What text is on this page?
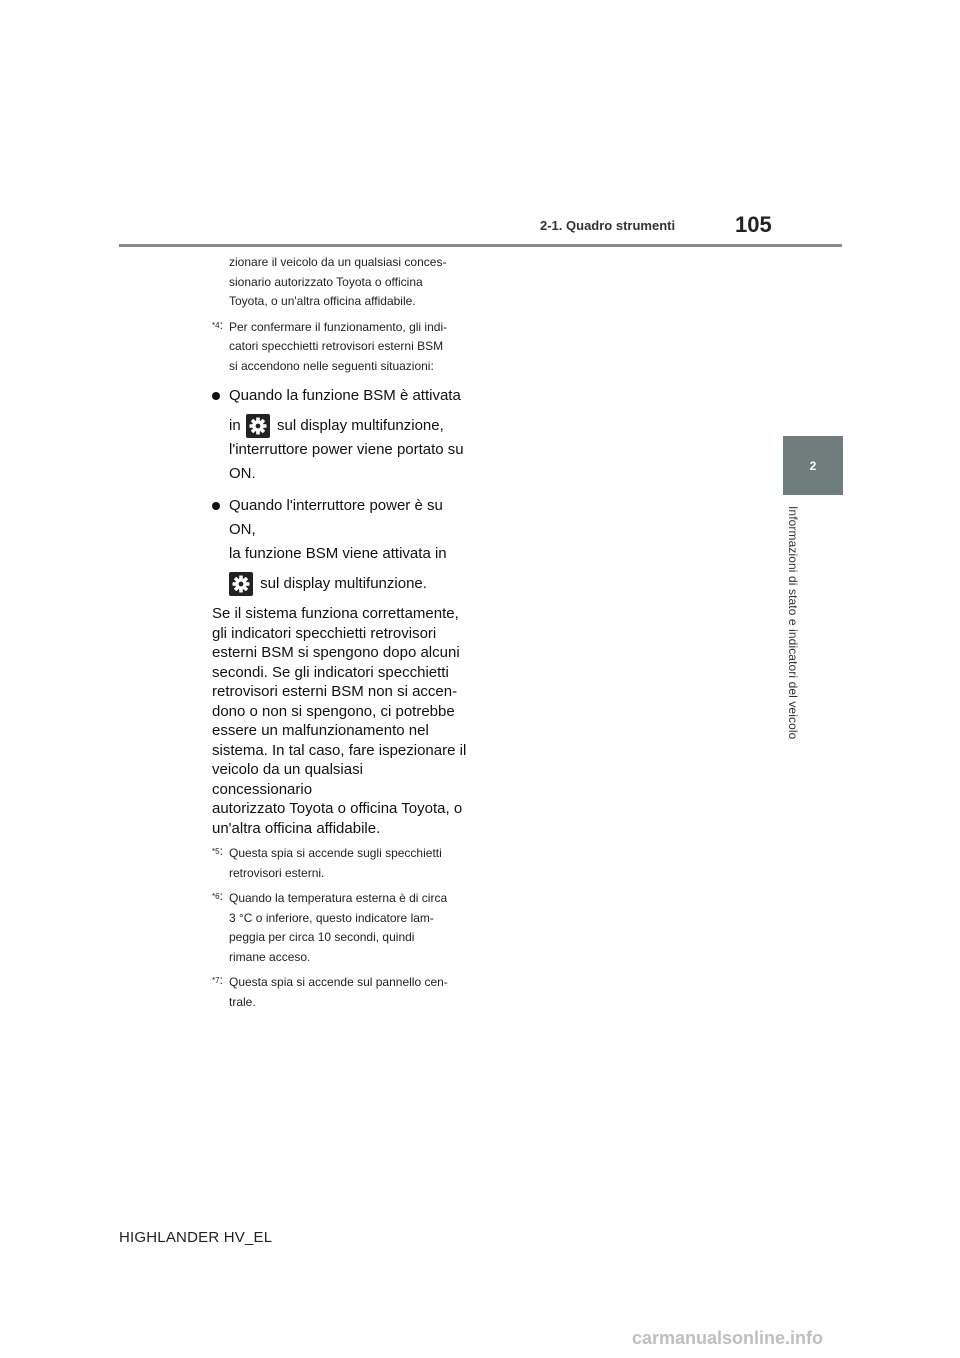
2-1. Quadro strumenti	105
2
Informazioni di stato e indicatori del veicolo
zionare il veicolo da un qualsiasi conces-
sionario autorizzato Toyota o officina
Toyota, o un'altra officina affidabile.
$^{*4}$: Per confermare il funzionamento, gli indi-
catori specchietti retrovisori esterni BSM
si accendono nelle seguenti situazioni:
Quando la funzione BSM è attivata
in sul display multifunzione,
l'interruttore power viene portato su
ON.
Quando l'interruttore power è su ON,
la funzione BSM viene attivata in
sul display multifunzione.
Se il sistema funziona correttamente,
gli indicatori specchietti retrovisori
esterni BSM si spengono dopo alcuni
secondi. Se gli indicatori specchietti
retrovisori esterni BSM non si accen-
dono o non si spengono, ci potrebbe
essere un malfunzionamento nel
sistema. In tal caso, fare ispezionare il
veicolo da un qualsiasi concessionario
autorizzato Toyota o officina Toyota, o
un'altra officina affidabile.
$^{*5}$: Questa spia si accende sugli specchietti
retrovisori esterni.
$^{*6}$: Quando la temperatura esterna è di circa
3 °C o inferiore, questo indicatore lam-
peggia per circa 10 secondi, quindi
rimane acceso.
$^{*7}$: Questa spia si accende sul pannello cen-
trale.
HIGHLANDER HV_EL
carmanualsonline.info
